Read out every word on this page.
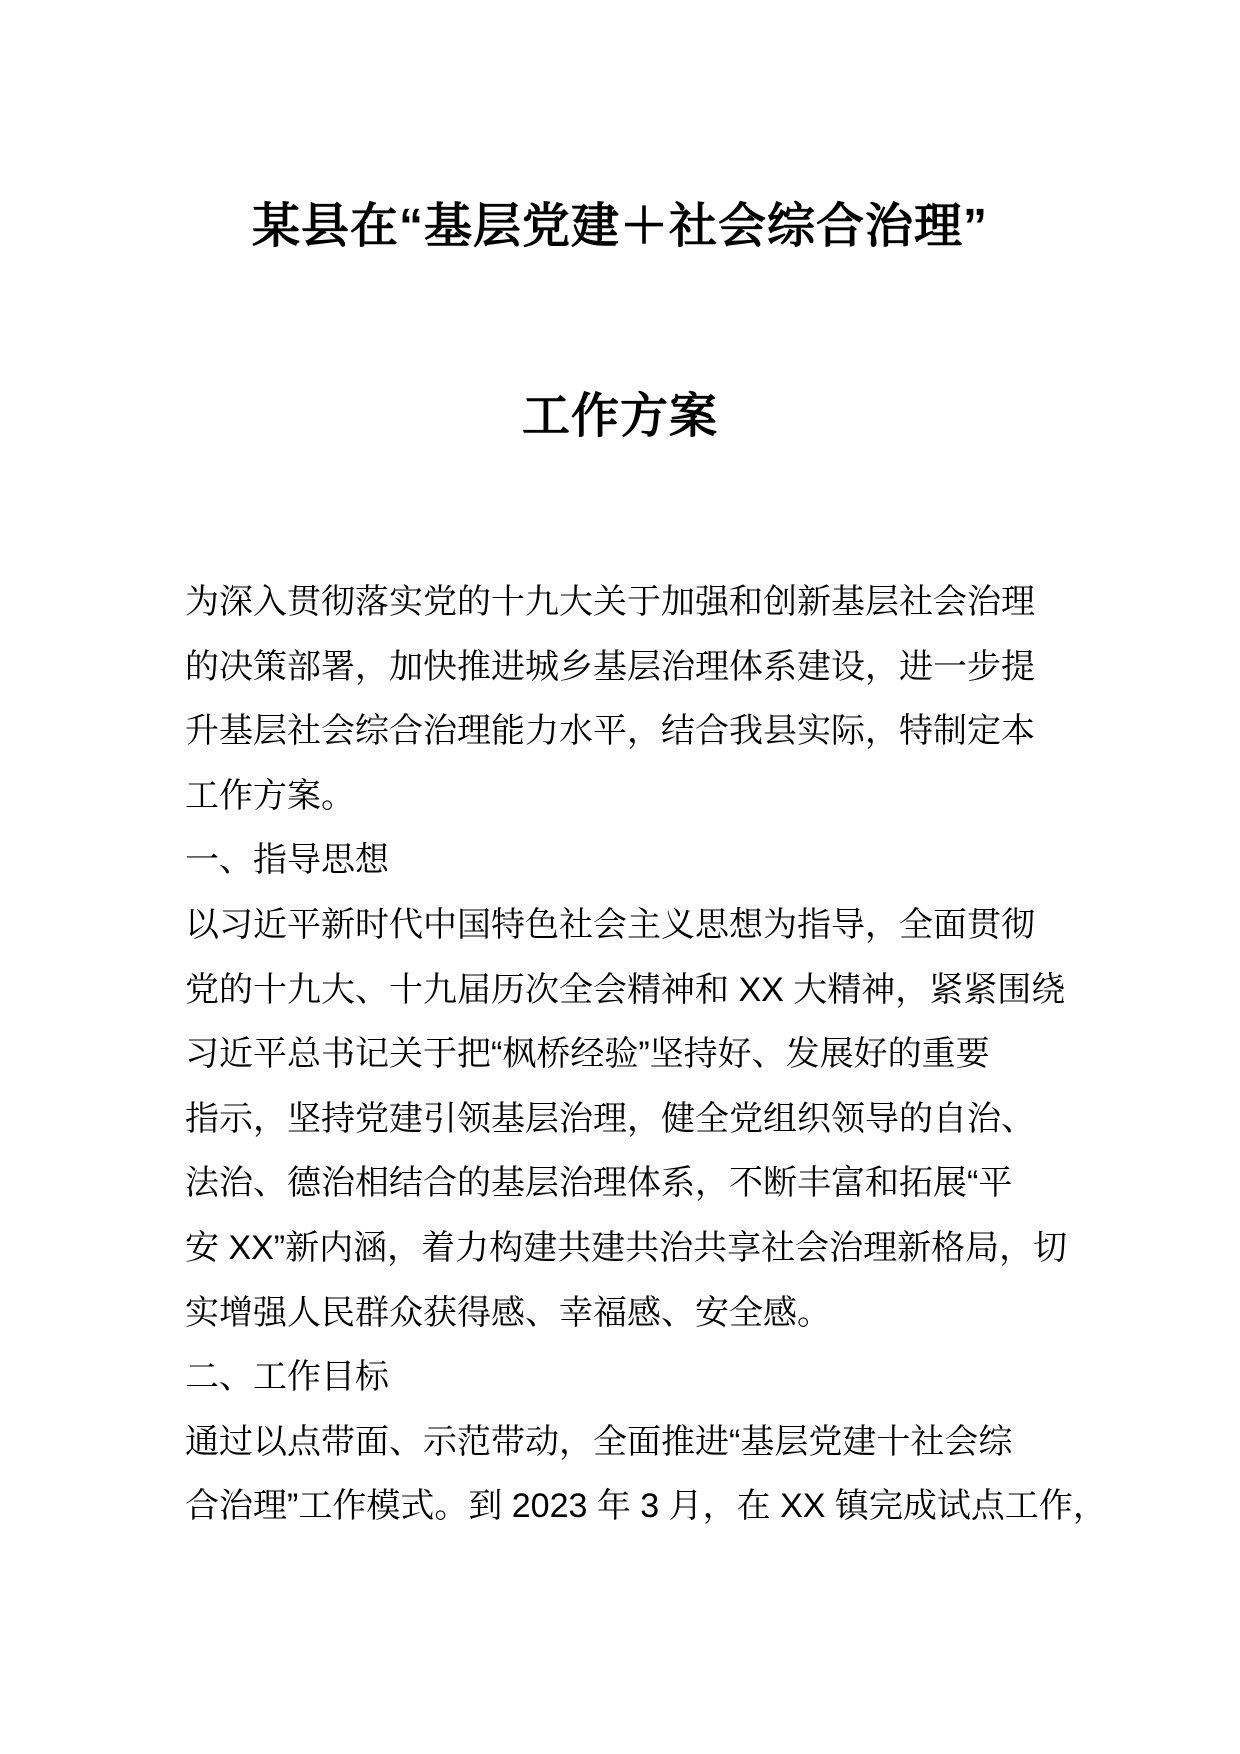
某县在“基层党建＋社会综合治理”
工作方案
为深入贯彻落实党的十九大关于加强和创新基层社会治理
的决策部署，加快推进城乡基层治理体系建设，进一步提
升基层社会综合治理能力水平，结合我县实际，特制定本
工作方案。
一、指导思想
以习近平新时代中国特色社会主义思想为指导，全面贯彻
党的十九大、十九届历次全会精神和 XX 大精神，紧紧围绕
习近平总书记关于把“枫桥经验”坚持好、发展好的重要
指示，坚持党建引领基层治理，健全党组织领导的自治、
法治、德治相结合的基层治理体系，不断丰富和拓展“平
安 XX”新内涵，着力构建共建共治共享社会治理新格局，切
实增强人民群众获得感、幸福感、安全感。
二、工作目标
通过以点带面、示范带动，全面推进“基层党建十社会综
合治理”工作模式。到 2023 年 3 月，在 XX 镇完成试点工作，
